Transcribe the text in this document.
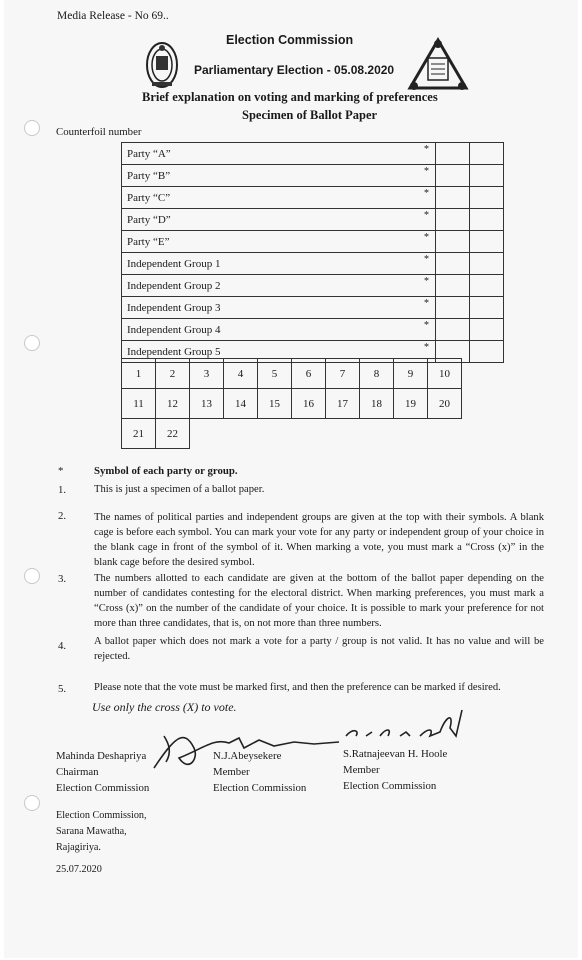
Media Release - No 69..
Election Commission
Parliamentary Election - 05.08.2020
Brief explanation on voting and marking of preferences
Specimen of Ballot Paper
Counterfoil number
Party “A” *		

Party “B” *		

Party “C” *		

Party “D” *		

Party “E” *		

Independent Group 1 *		

Independent Group 2 *		

Independent Group 3 *		

Independent Group 4 *		

Independent Group 5 *		

1	2	3	4	5	6	7	8	9	10
11	12	13	14	15	16	17	18	19	20
21	22								
*	Symbol of each party or group.
1.	This is just a specimen of a ballot paper.
2.	The names of political parties and independent groups are given at the top with their symbols. A blank cage is before each symbol. You can mark your vote for any party or independent group of your choice in the blank cage in front of the symbol of it. When marking a vote, you must mark a “Cross (x)” in the blank cage before the desired symbol.
3.	The numbers allotted to each candidate are given at the bottom of the ballot paper depending on the number of candidates contesting for the electoral district. When marking preferences, you must mark a “Cross (x)” on the number of the candidate of your choice. It is possible to mark your preference for not more than three candidates, that is, on not more than three numbers.
4.	A ballot paper which does not mark a vote for a party / group is not valid. It has no value and will be rejected.
5.	Please note that the vote must be marked first, and then the preference can be marked if desired.
Use only the cross (X) to vote.
Mahinda Deshapriya
Chairman
Election Commission
N.J.Abeysekere
Member
Election Commission
S.Ratnajeevan H. Hoole
Member
Election Commission
Election Commission,
Sarana Mawatha,
Rajagiriya.
25.07.2020
